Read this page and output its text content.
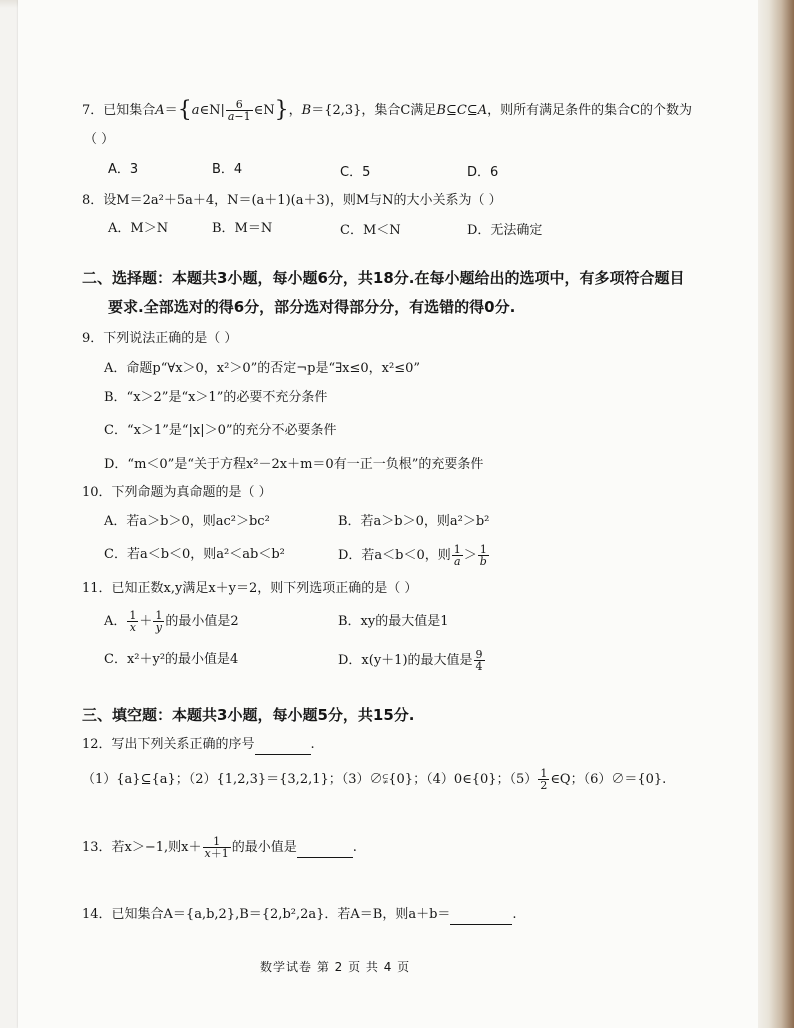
7．已知集合A＝{a∈N| $\frac{6}{a-1}$ ∈N}，B＝{2,3}，集合C满足B⊆C⊆A，则所有满足条件的集合C的个数为
（ ）
A．3	B．4	C．5	D．6
8．设M＝2a²＋5a＋4，N＝(a＋1)(a＋3)，则M与N的大小关系为（ ）
A．M＞N	B．M＝N	C．M＜N	D．无法确定
二、选择题：本题共3小题，每小题6分，共18分.在每小题给出的选项中，有多项符合题目
要求.全部选对的得6分，部分选对得部分分，有选错的得0分.
9．下列说法正确的是（ ）
A．命题p“∀x＞0，x²＞0”的否定¬p是“∃x≤0，x²≤0”
B．“x＞2”是“x＞1”的必要不充分条件
C．“x＞1”是“|x|＞0”的充分不必要条件
D．“m＜0”是“关于方程x²－2x＋m＝0有一正一负根”的充要条件
10．下列命题为真命题的是（ ）
A．若a＞b＞0，则ac²＞bc²	B．若a＞b＞0，则a²＞b²
C．若a＜b＜0，则a²＜ab＜b²	D．若a＜b＜0，则 $\frac{1}{a} > \frac{1}{b}$
11．已知正数x,y满足x＋y＝2，则下列选项正确的是（ ）
A． $\frac{1}{x} + \frac{1}{y}$ 的最小值是2	B．xy的最大值是1
C．x²＋y²的最小值是4	D．x(y＋1)的最大值是 $\frac{9}{4}$
三、填空题：本题共3小题，每小题5分，共15分.
12．写出下列关系正确的序号	.
（1）{a}⊆{a}；（2）{1,2,3}＝{3,2,1}；（3）∅⫋{0}；（4）0∈{0}；$(5) \frac{1}{2}$ ∈Q；（6）∅＝{0}.
13．若x＞−1,则$x+ \frac{1}{x+1}$ 的最小值是	.
14．已知集合A＝{a,b,2},B＝{2,b²,2a}．若A＝B，则a＋b＝	.
数学试卷 第 2 页 共 4 页
